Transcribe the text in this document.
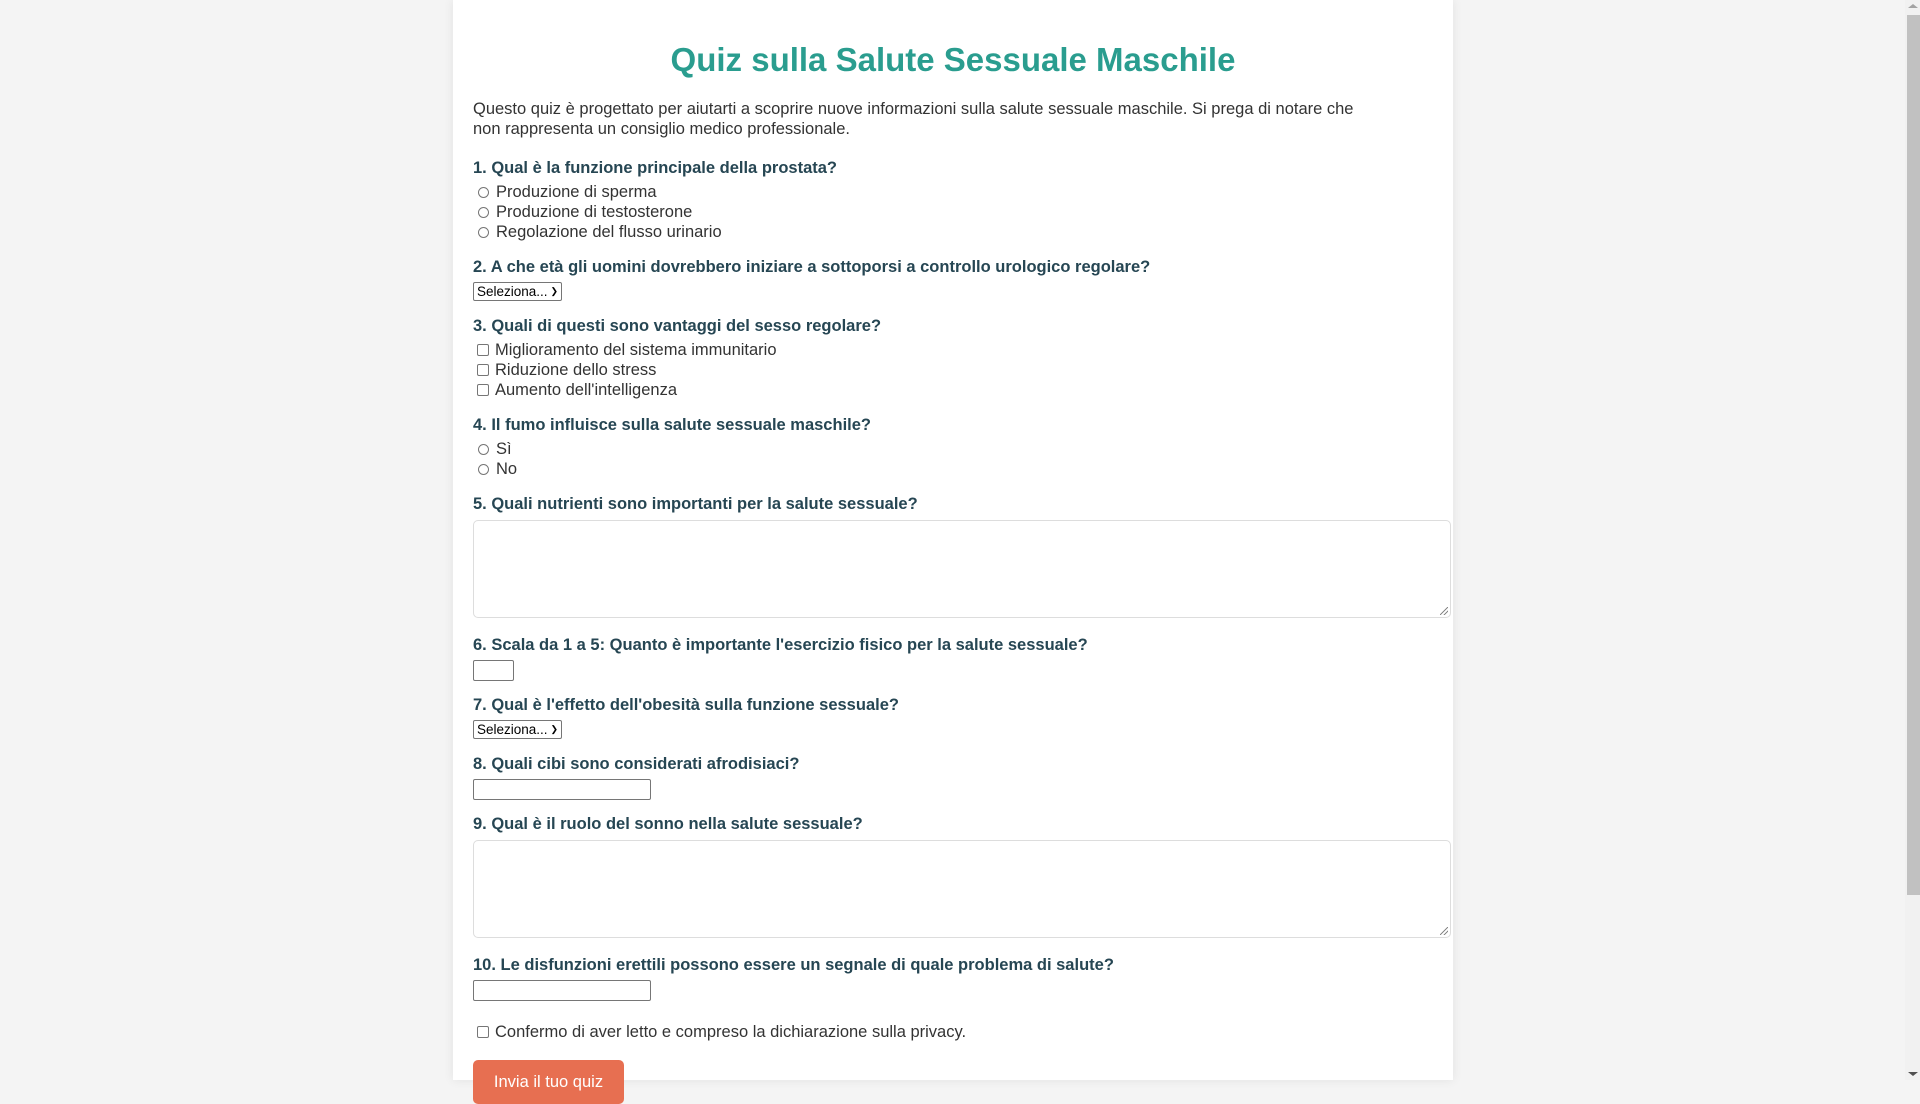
Quiz sulla Salute Sessuale Maschile

Questo quiz è progettato per aiutarti a scoprire nuove informazioni sulla salute sessuale maschile. Si prega di notare che non rappresenta un consiglio medico professionale.

1. Qual è la funzione principale della prostata?
Produzione di sperma
Produzione di testosterone
Regolazione del flusso urinario
2. A che età gli uomini dovrebbero iniziare a sottoporsi a controllo urologico regolare?
Seleziona... ❯
3. Quali di questi sono vantaggi del sesso regolare?
Miglioramento del sistema immunitario
Riduzione dello stress
Aumento dell'intelligenza
4. Il fumo influisce sulla salute sessuale maschile?
Sì
No
5. Quali nutrienti sono importanti per la salute sessuale?
6. Scala da 1 a 5: Quanto è importante l'esercizio fisico per la salute sessuale?
7. Qual è l'effetto dell'obesità sulla funzione sessuale?
Seleziona... ❯
8. Quali cibi sono considerati afrodisiaci?
9. Qual è il ruolo del sonno nella salute sessuale?
10. Le disfunzioni erettili possono essere un segnale di quale problema di salute?
Confermo di aver letto e compreso la dichiarazione sulla privacy.
Invia il tuo quiz
